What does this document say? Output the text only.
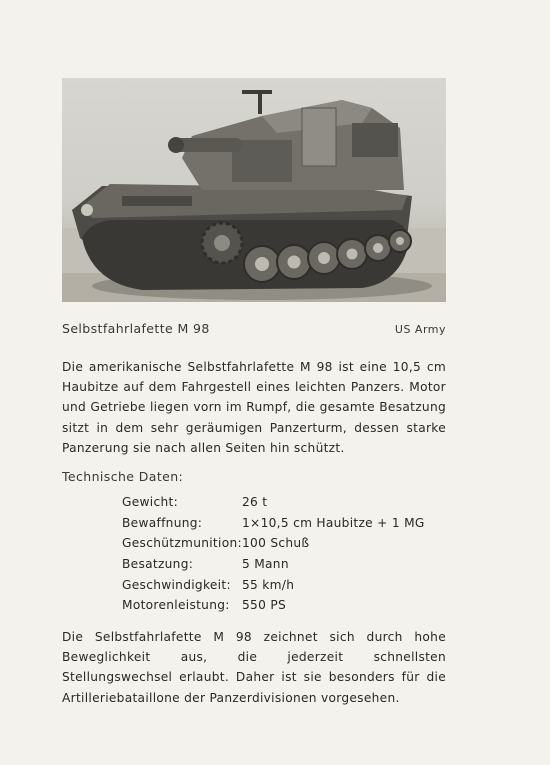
Selbstfahrlafette M 98	US Army

Die amerikanische Selbstfahrlafette M 98 ist eine 10,5 cm Haubitze auf dem Fahrgestell eines leichten Panzers. Motor und Getriebe liegen vorn im Rumpf, die gesamte Besatzung sitzt in dem sehr geräumigen Panzerturm, dessen starke Panzerung sie nach allen Seiten hin schützt.

Technische Daten:
Gewicht:	26 t
Bewaffnung:	1×10,5 cm Haubitze + 1 MG
Geschützmunition:	100 Schuß
Besatzung:	5 Mann
Geschwindigkeit:	55 km/h
Motorenleistung:	550 PS

Die Selbstfahrlafette M 98 zeichnet sich durch hohe Beweglichkeit aus, die jederzeit schnellsten Stellungswechsel erlaubt. Daher ist sie besonders für die Artilleriebataillone der Panzerdivisionen vorgesehen.
